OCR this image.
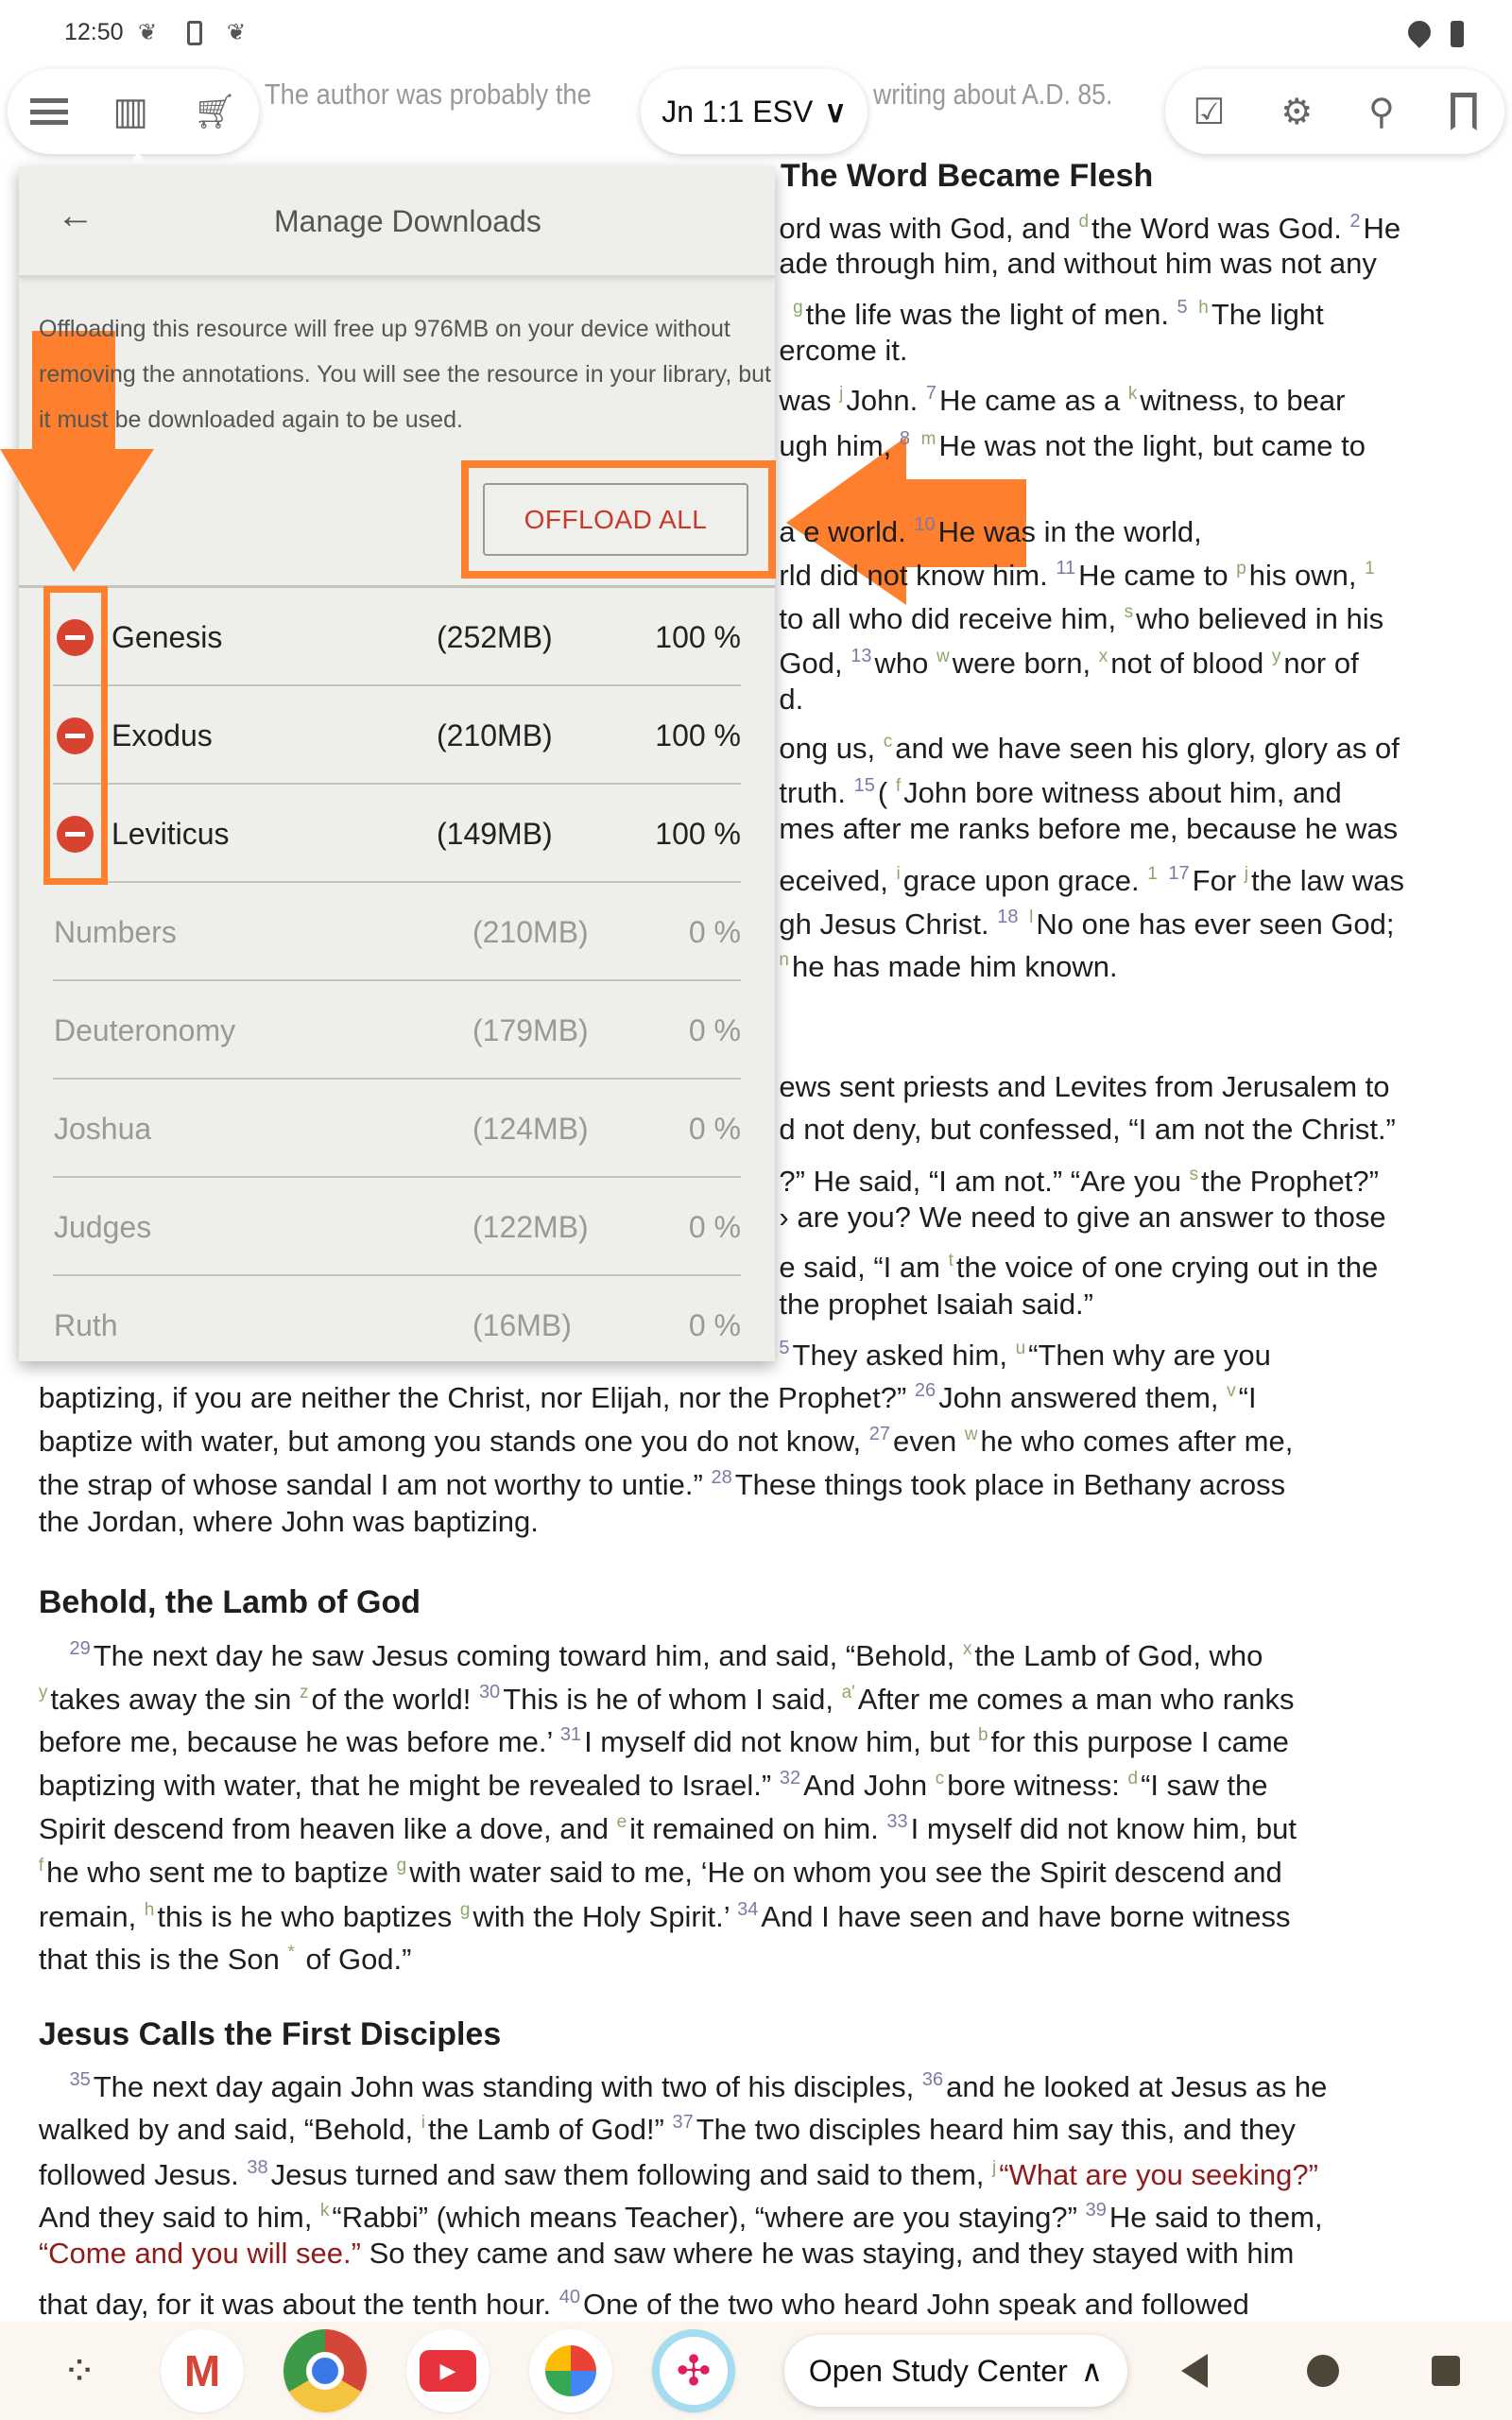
12:50 ❦	❦
The author was probably the	writing about A.D. 85.
The Word Became Flesh
ord was with God, and $^d$the Word was God. $^2$He
ade through him, and without him was not any
$^g$the life was the light of men. $^5$ $^h$The light
ercome it.
was $^j$John. $^7$He came as a $^k$witness, to bear
ugh him, $^8$ $^m$He was not the light, but came to
a e world. $^{10}$He was in the world,
rld did not know him. $^{11}$He came to $^p$his own, $^1$
to all who did receive him, $^s$who believed in his
God, $^{13}$who $^w$were born, $^x$not of blood $^y$nor of
d.
ong us, $^c$and we have seen his glory, glory as of
truth. $^{15}$( $^f$John bore witness about him, and
mes after me ranks before me, because he was
eceived, $^i$grace upon grace. $^1$ $^{17}$For $^j$the law was
gh Jesus Christ. $^{18}$ $^l$No one has ever seen God;
$^n$he has made him known.
ews sent priests and Levites from Jerusalem to
d not deny, but confessed, “I am not the Christ.”
?” He said, “I am not.” “Are you $^s$the Prophet?”
› are you? We need to give an answer to those
e said, “I am $^t$the voice of one crying out in the
the prophet Isaiah said.”
$^5$They asked him, $^u$“Then why are you
baptizing, if you are neither the Christ, nor Elijah, nor the Prophet?” $^{26}$John answered them, $^v$“I
baptize with water, but among you stands one you do not know, $^{27}$even $^w$he who comes after me,
the strap of whose sandal I am not worthy to untie.” $^{28}$These things took place in Bethany across
the Jordan, where John was baptizing.
Behold, the Lamb of God
$^{29}$The next day he saw Jesus coming toward him, and said, “Behold, $^x$the Lamb of God, who
$^y$takes away the sin $^z$of the world! $^{30}$This is he of whom I said, $^{a'}$After me comes a man who ranks
before me, because he was before me.’ $^{31}$I myself did not know him, but $^b$for this purpose I came
baptizing with water, that he might be revealed to Israel.” $^{32}$And John $^c$bore witness: $^d$“I saw the
Spirit descend from heaven like a dove, and $^e$it remained on him. $^{33}$I myself did not know him, but
$^f$he who sent me to baptize $^g$with water said to me, ‘He on whom you see the Spirit descend and
remain, $^h$this is he who baptizes $^g$with the Holy Spirit.’ $^{34}$And I have seen and have borne witness
that this is the Son * of God.”
Jesus Calls the First Disciples
$^{35}$The next day again John was standing with two of his disciples, $^{36}$and he looked at Jesus as he
walked by and said, “Behold, $^i$the Lamb of God!” $^{37}$The two disciples heard him say this, and they
followed Jesus. $^{38}$Jesus turned and saw them following and said to them, $^j$“What are you seeking?”
And they said to him, $^k$“Rabbi” (which means Teacher), “where are you staying?” $^{39}$He said to them,
“Come and you will see.” So they came and saw where he was staying, and they stayed with him
that day, for it was about the tenth hour. $^{40}$One of the two who heard John speak and followed
▥ 🛒︎	Jn 1:1 ESV ∨	☑ ⚙ ⚲
←	Manage Downloads
Offloading this resource will free up 976MB on your device without removing the annotations. You will see the resource in your library, but it must be downloaded again to be used.
OFFLOAD ALL
Genesis	(252MB)	100 %
Exodus	(210MB)	100 %
Leviticus	(149MB)	100 %
Numbers	(210MB)	0 %
Deuteronomy	(179MB)	0 %
Joshua	(124MB)	0 %
Judges	(122MB)	0 %
Ruth	(16MB)	0 %
⁘	M	▶	✣	Open Study Center ∧
